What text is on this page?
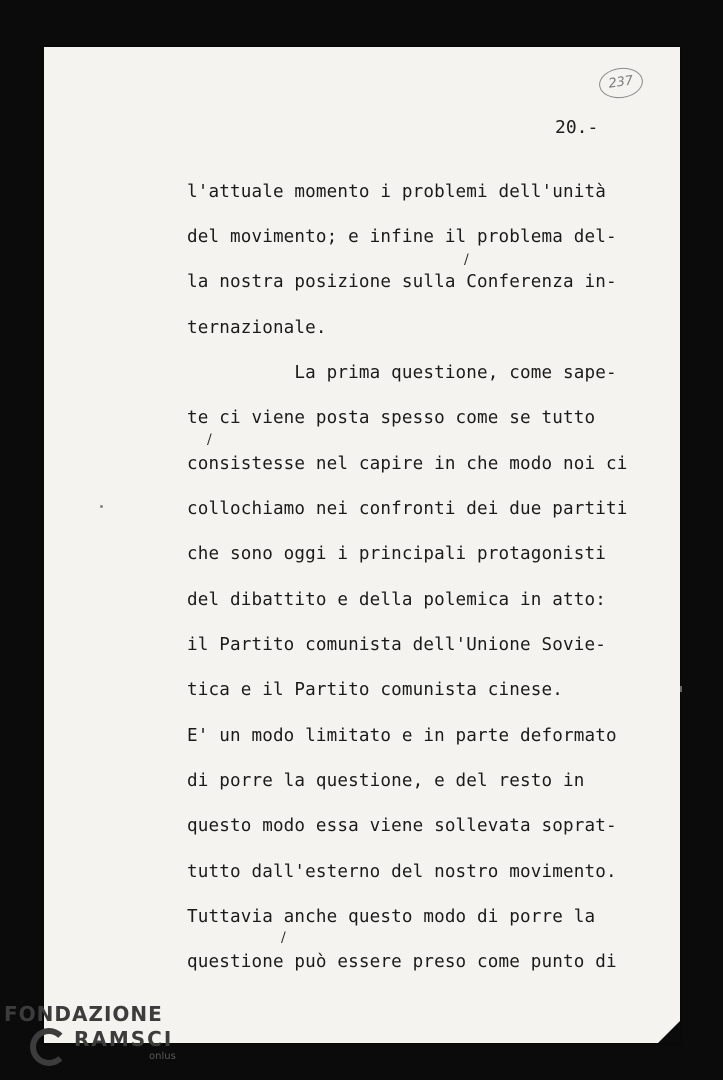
237
20.-
l'attuale momento i problemi dell'unità
del movimento; e infine il problema del-
la nostra posizione sulla Conferenza in-
ternazionale.
La prima questione, come sape-
te ci viene posta spesso come se tutto
consistesse nel capire in che modo noi ci
collochiamo nei confronti dei due partiti
che sono oggi i principali protagonisti
del dibattito e della polemica in atto:
il Partito comunista dell'Unione Sovie-
tica e il Partito comunista cinese.
E' un modo limitato e in parte deformato
di porre la questione, e del resto in
questo modo essa viene sollevata soprat-
tutto dall'esterno del nostro movimento.
Tuttavia anche questo modo di porre la
questione può essere preso come punto di
/
/
/
FONDAZIONE
RAMSCI
onlus
